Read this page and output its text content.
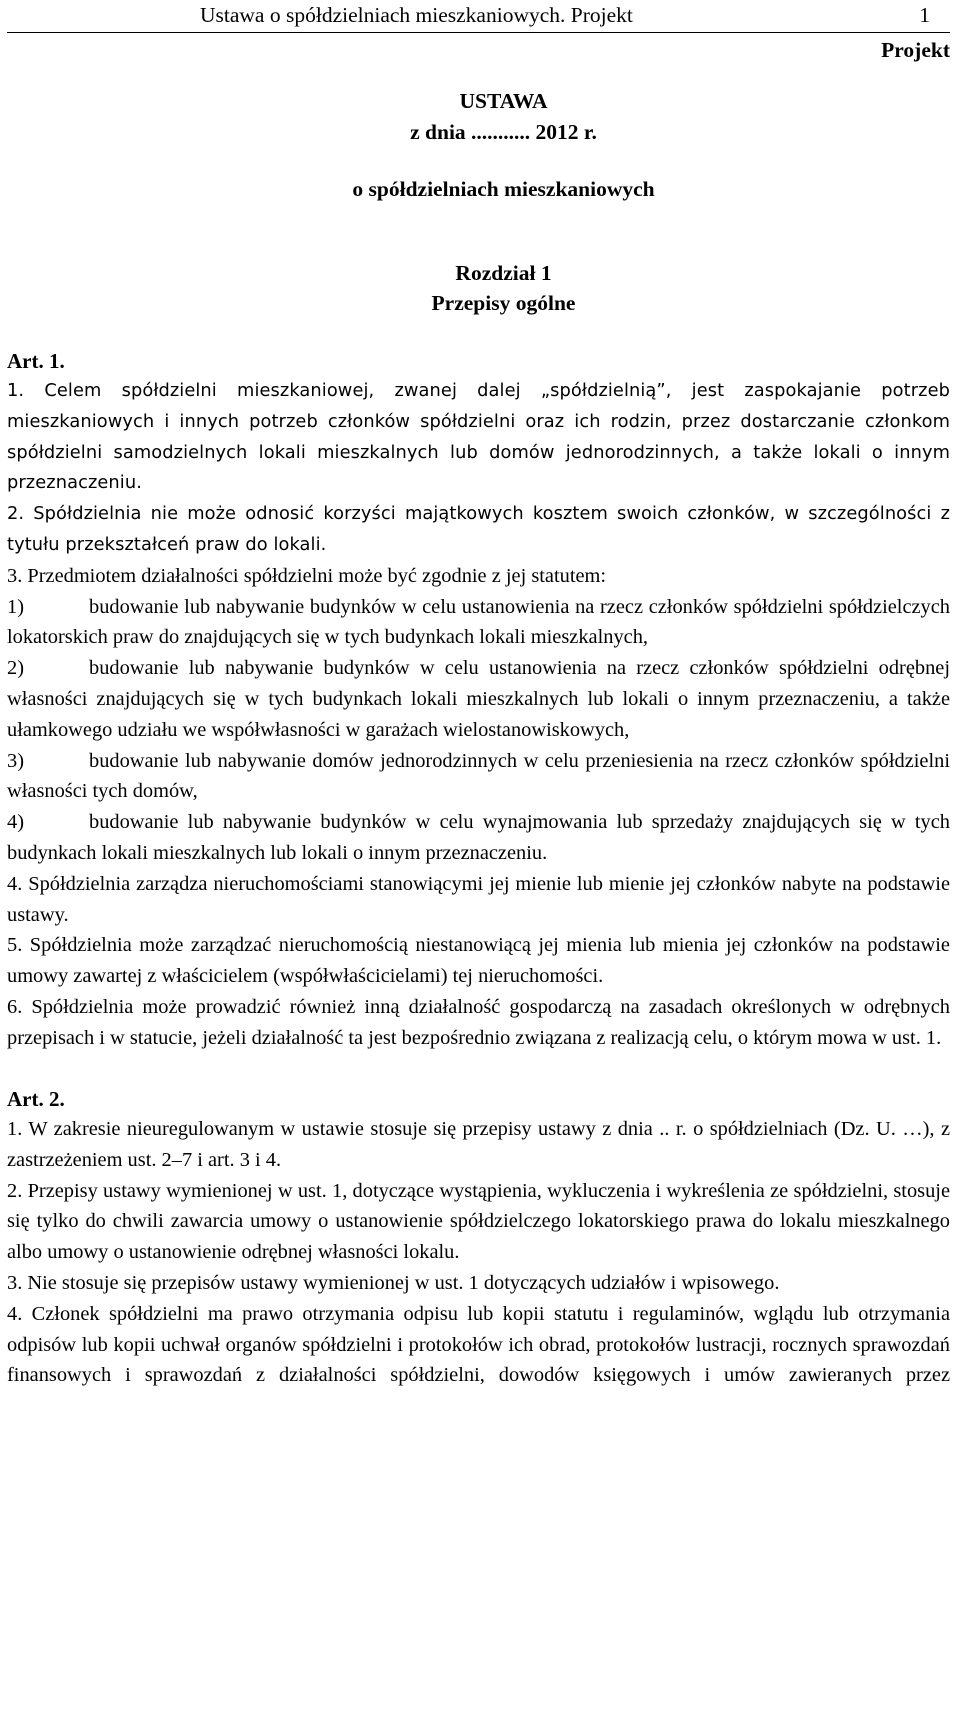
Ustawa o spółdzielniach mieszkaniowych. Projekt	1
Projekt
USTAWA
z dnia ........... 2012 r.
o spółdzielniach mieszkaniowych
Rozdział 1
Przepisy ogólne
Art. 1.
1. Celem spółdzielni mieszkaniowej, zwanej dalej „spółdzielnią”, jest zaspokajanie potrzeb mieszkaniowych i innych potrzeb członków spółdzielni oraz ich rodzin, przez dostarczanie członkom spółdzielni samodzielnych lokali mieszkalnych lub domów jednorodzinnych, a także lokali o innym przeznaczeniu.
2. Spółdzielnia nie może odnosić korzyści majątkowych kosztem swoich członków, w szczególności z tytułu przekształceń praw do lokali.
3. Przedmiotem działalności spółdzielni może być zgodnie z jej statutem:
1)	budowanie lub nabywanie budynków w celu ustanowienia na rzecz członków spółdzielni spółdzielczych lokatorskich praw do znajdujących się w tych budynkach lokali mieszkalnych,
2)	budowanie lub nabywanie budynków w celu ustanowienia na rzecz członków spółdzielni odrębnej własności znajdujących się w tych budynkach lokali mieszkalnych lub lokali o innym przeznaczeniu, a także ułamkowego udziału we współwłasności w garażach wielostanowiskowych,
3)	budowanie lub nabywanie domów jednorodzinnych w celu przeniesienia na rzecz członków spółdzielni własności tych domów,
4)	budowanie lub nabywanie budynków w celu wynajmowania lub sprzedaży znajdujących się w tych budynkach lokali mieszkalnych lub lokali o innym przeznaczeniu.
4. Spółdzielnia zarządza nieruchomościami stanowiącymi jej mienie lub mienie jej członków nabyte na podstawie ustawy.
5. Spółdzielnia może zarządzać nieruchomością niestanowiącą jej mienia lub mienia jej członków na podstawie umowy zawartej z właścicielem (współwłaścicielami) tej nieruchomości.
6. Spółdzielnia może prowadzić również inną działalność gospodarczą na zasadach określonych w odrębnych przepisach i w statucie, jeżeli działalność ta jest bezpośrednio związana z realizacją celu, o którym mowa w ust. 1.
Art. 2.
1. W zakresie nieuregulowanym w ustawie stosuje się przepisy ustawy z dnia .. r. o spółdzielniach (Dz. U. …), z zastrzeżeniem ust. 2–7 i art. 3 i 4.
2. Przepisy ustawy wymienionej w ust. 1, dotyczące wystąpienia, wykluczenia i wykreślenia ze spółdzielni, stosuje się tylko do chwili zawarcia umowy o ustanowienie spółdzielczego lokatorskiego prawa do lokalu mieszkalnego albo umowy o ustanowienie odrębnej własności lokalu.
3. Nie stosuje się przepisów ustawy wymienionej w ust. 1 dotyczących udziałów i wpisowego.
4. Członek spółdzielni ma prawo otrzymania odpisu lub kopii statutu i regulaminów, wglądu lub otrzymania odpisów lub kopii uchwał organów spółdzielni i protokołów ich obrad, protokołów lustracji, rocznych sprawozdań finansowych i sprawozdań z działalności spółdzielni, dowodów księgowych i umów zawieranych przez
